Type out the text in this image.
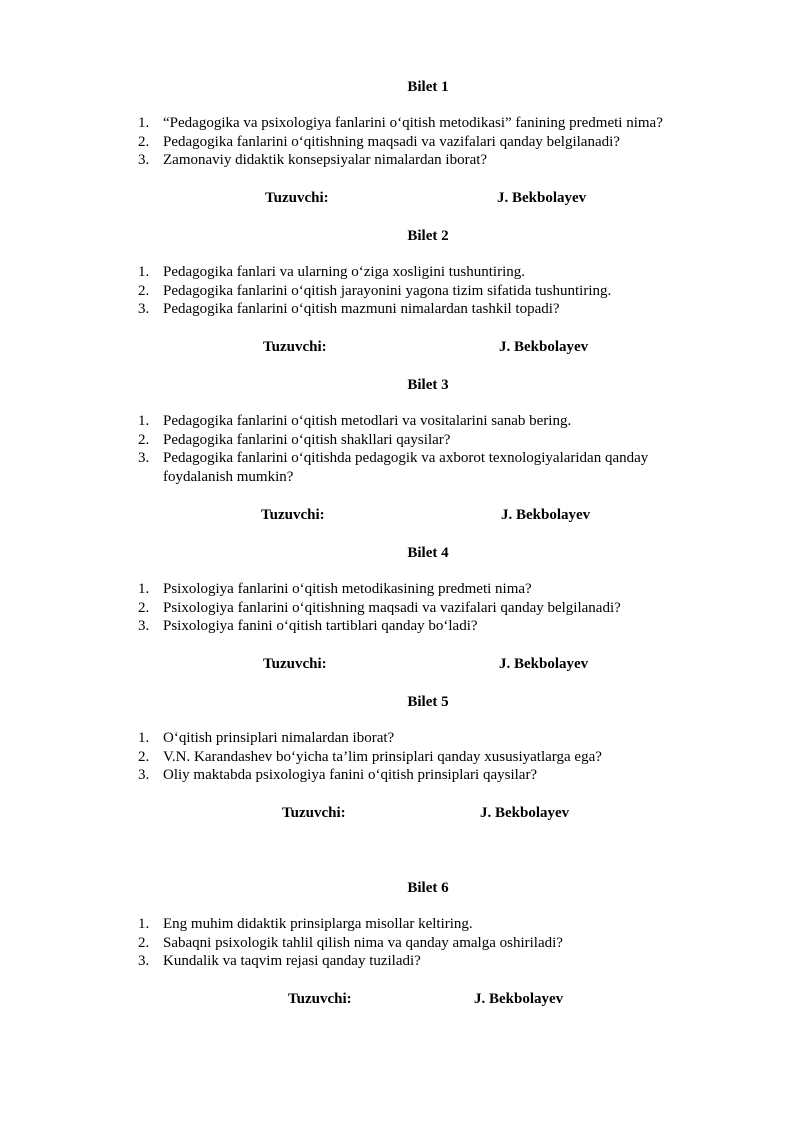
Bilet 1
1. “Pedagogika va psixologiya fanlarini o‘qitish metodikasi” fanining predmeti nima?
2. Pedagogika fanlarini o‘qitishning maqsadi va vazifalari qanday belgilanadi?
3. Zamonaviy didaktik konsepsiyalar nimalardan iborat?
Tuzuvchi:	J. Bekbolayev
Bilet 2
1. Pedagogika fanlari va ularning o‘ziga xosligini tushuntiring.
2. Pedagogika fanlarini o‘qitish jarayonini yagona tizim sifatida tushuntiring.
3. Pedagogika fanlarini o‘qitish mazmuni nimalardan tashkil topadi?
Tuzuvchi:	J. Bekbolayev
Bilet 3
1. Pedagogika fanlarini o‘qitish metodlari va vositalarini sanab bering.
2. Pedagogika fanlarini o‘qitish shakllari qaysilar?
3. Pedagogika fanlarini o‘qitishda pedagogik va axborot texnologiyalaridan qanday foydalanish mumkin?
Tuzuvchi:	J. Bekbolayev
Bilet 4
1. Psixologiya fanlarini o‘qitish metodikasining predmeti nima?
2. Psixologiya fanlarini o‘qitishning maqsadi va vazifalari qanday belgilanadi?
3. Psixologiya fanini o‘qitish tartiblari qanday bo‘ladi?
Tuzuvchi:	J. Bekbolayev
Bilet 5
1. O‘qitish prinsiplari nimalardan iborat?
2. V.N. Karandashev bo‘yicha ta’lim prinsiplari qanday xususiyatlarga ega?
3. Oliy maktabda psixologiya fanini o‘qitish prinsiplari qaysilar?
Tuzuvchi:	J. Bekbolayev
Bilet 6
1. Eng muhim didaktik prinsiplarga misollar keltiring.
2. Sabaqni psixologik tahlil qilish nima va qanday amalga oshiriladi?
3. Kundalik va taqvim rejasi qanday tuziladi?
Tuzuvchi:	J. Bekbolayev
